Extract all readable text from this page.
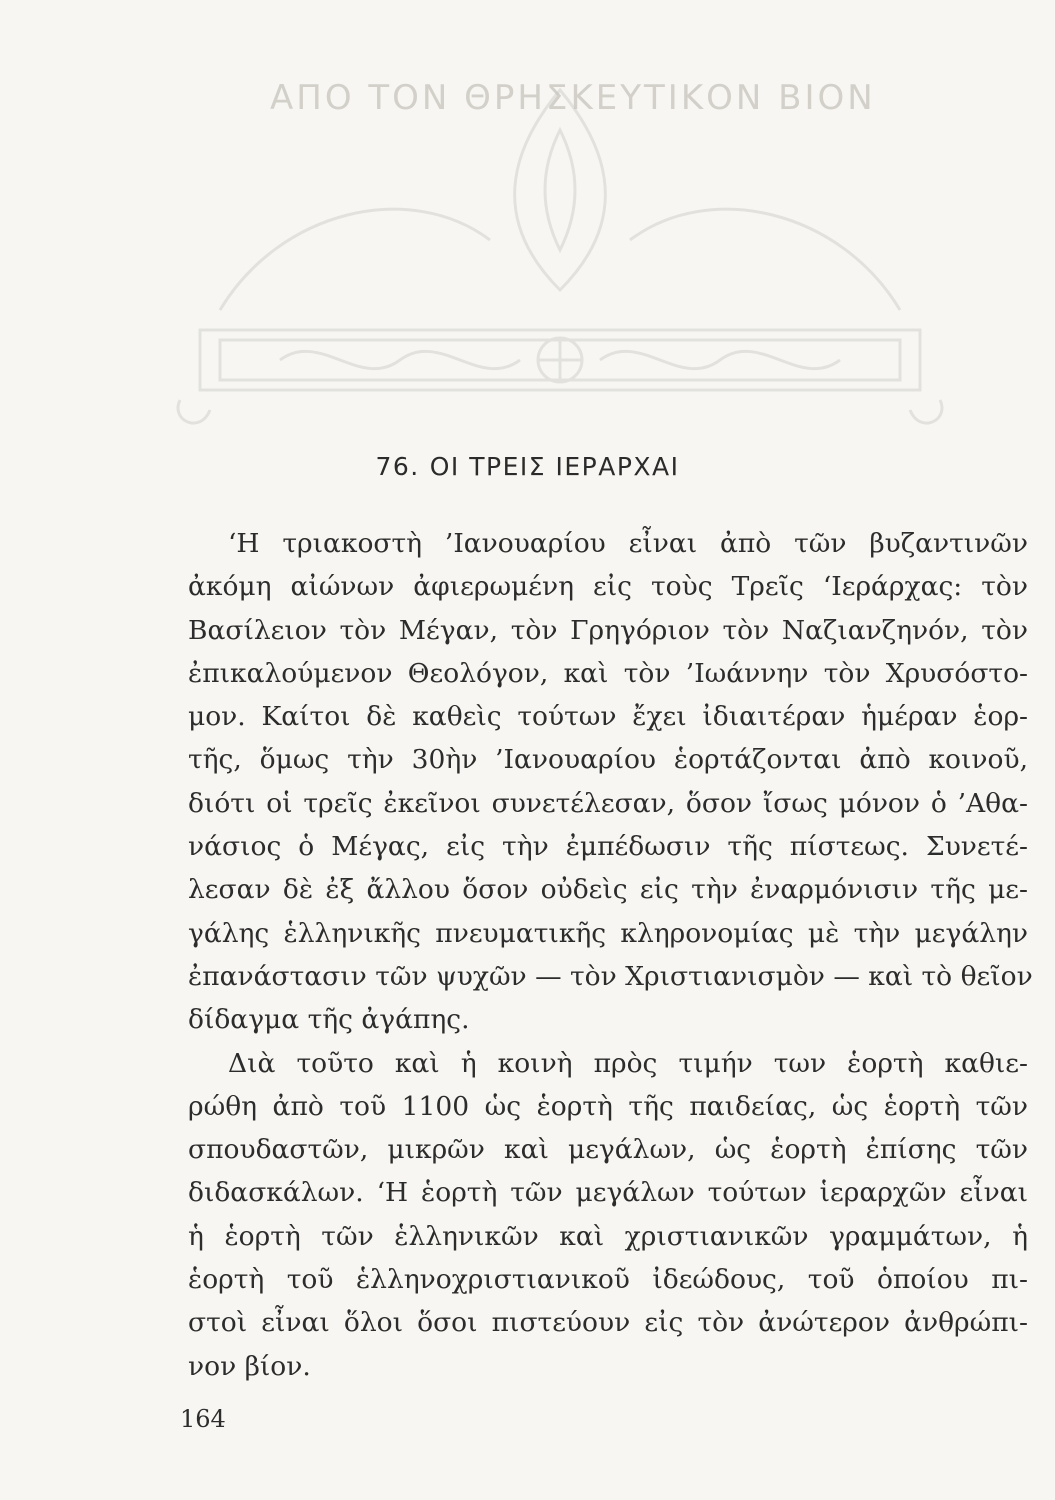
ΑΠΟ ΤΟΝ ΘΡΗΣΚΕΥΤΙΚΟΝ ΒΙΟΝ
76. ΟΙ ΤΡΕΙΣ ΙΕΡΑΡΧΑΙ
‘Η τριακοστὴ ’Ιανουαρίου εἶναι ἀπὸ τῶν βυζαντινῶν
ἀκόμη αἰώνων ἀφιερωμένη εἰς τοὺς Τρεῖς ‘Ιεράρχας: τὸν
Βασίλειον τὸν Μέγαν, τὸν Γρηγόριον τὸν Ναζιανζηνόν, τὸν
ἐπικαλούμενον Θεολόγον, καὶ τὸν ’Ιωάννην τὸν Χρυσόστο-
μον. Καίτοι δὲ καθεὶς τούτων ἔχει ἰδιαιτέραν ἡμέραν ἑορ-
τῆς, ὅμως τὴν 30ὴν ’Ιανουαρίου ἑορτάζονται ἀπὸ κοινοῦ,
διότι οἱ τρεῖς ἐκεῖνοι συνετέλεσαν, ὅσον ἴσως μόνον ὁ ’Αθα-
νάσιος ὁ Μέγας, εἰς τὴν ἐμπέδωσιν τῆς πίστεως. Συνετέ-
λεσαν δὲ ἐξ ἄλλου ὅσον οὐδεὶς εἰς τὴν ἐναρμόνισιν τῆς με-
γάλης ἑλληνικῆς πνευματικῆς κληρονομίας μὲ τὴν μεγάλην
ἐπανάστασιν τῶν ψυχῶν — τὸν Χριστιανισμὸν — καὶ τὸ θεῖον
δίδαγμα τῆς ἀγάπης.
Διὰ τοῦτο καὶ ἡ κοινὴ πρὸς τιμήν των ἑορτὴ καθιε-
ρώθη ἀπὸ τοῦ 1100 ὡς ἑορτὴ τῆς παιδείας, ὡς ἑορτὴ τῶν
σπουδαστῶν, μικρῶν καὶ μεγάλων, ὡς ἑορτὴ ἐπίσης τῶν
διδασκάλων. ‘Η ἑορτὴ τῶν μεγάλων τούτων ἱεραρχῶν εἶναι
ἡ ἑορτὴ τῶν ἑλληνικῶν καὶ χριστιανικῶν γραμμάτων, ἡ
ἑορτὴ τοῦ ἑλληνοχριστιανικοῦ ἰδεώδους, τοῦ ὁποίου πι-
στοὶ εἶναι ὅλοι ὅσοι πιστεύουν εἰς τὸν ἀνώτερον ἀνθρώπι-
νον βίον.
164
